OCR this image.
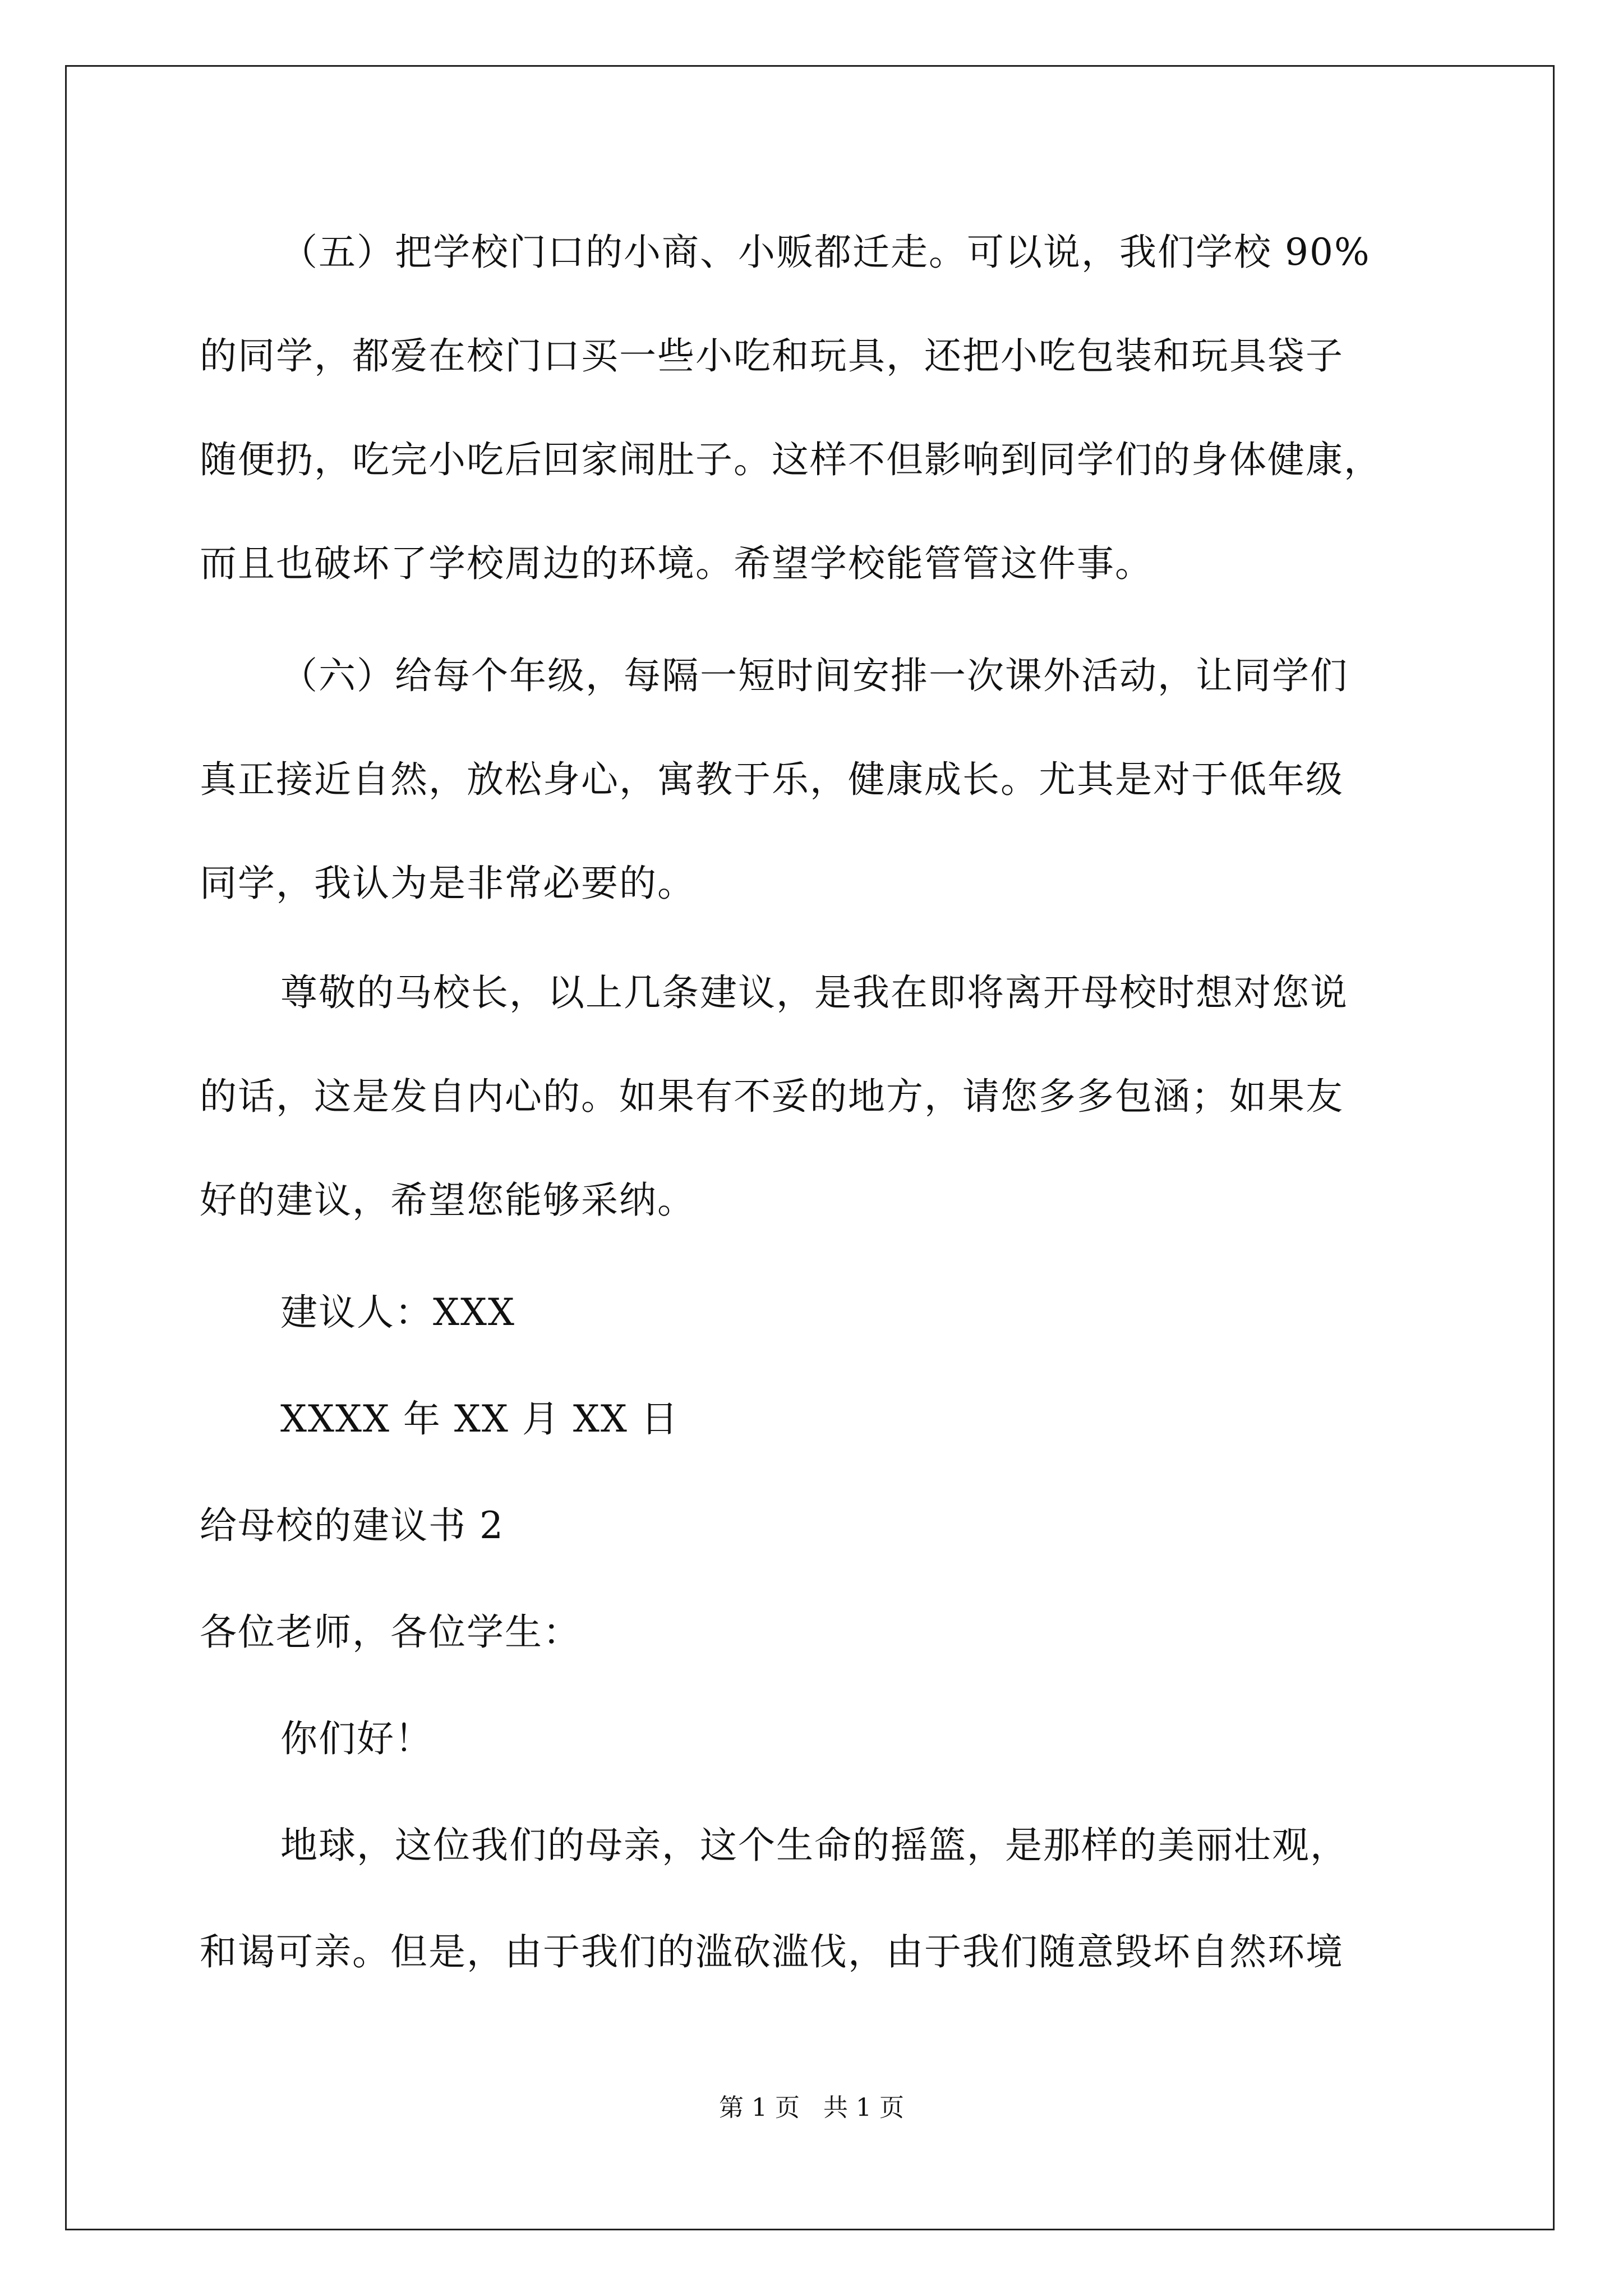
（五）把学校门口的小商、小贩都迁走。可以说，我们学校 90%
的同学，都爱在校门口买一些小吃和玩具，还把小吃包装和玩具袋子
随便扔，吃完小吃后回家闹肚子。这样不但影响到同学们的身体健康，
而且也破坏了学校周边的环境。希望学校能管管这件事。
（六）给每个年级，每隔一短时间安排一次课外活动，让同学们
真正接近自然，放松身心，寓教于乐，健康成长。尤其是对于低年级
同学，我认为是非常必要的。
尊敬的马校长，以上几条建议，是我在即将离开母校时想对您说
的话，这是发自内心的。如果有不妥的地方，请您多多包涵；如果友
好的建议，希望您能够采纳。
建议人：XXX
XXXX 年 XX 月 XX 日
给母校的建议书 2
各位老师，各位学生：
你们好！
地球，这位我们的母亲，这个生命的摇篮，是那样的美丽壮观，
和谒可亲。但是，由于我们的滥砍滥伐，由于我们随意毁坏自然环境
第 1 页   共 1 页
